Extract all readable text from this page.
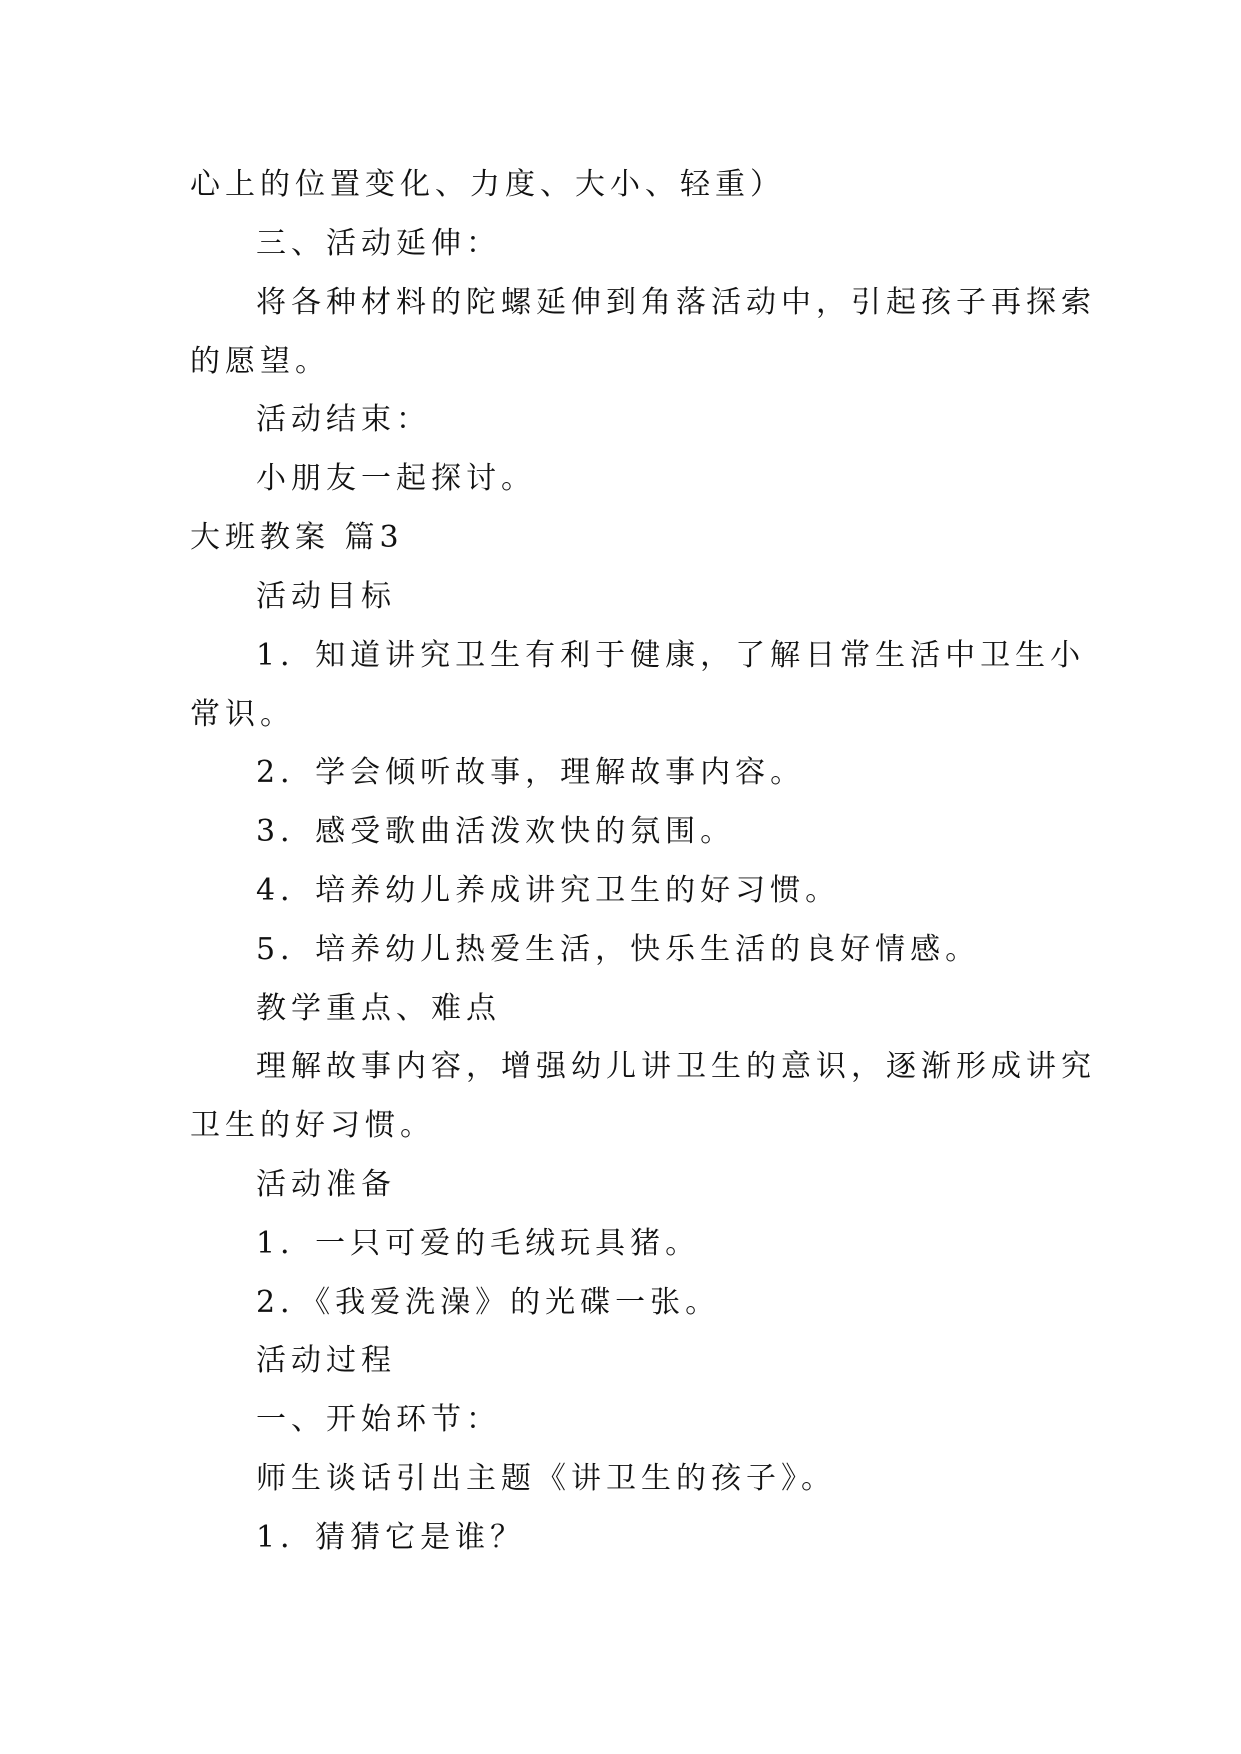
心上的位置变化、力度、大小、轻重）
三、活动延伸：
将各种材料的陀螺延伸到角落活动中，引起孩子再探索
的愿望。
活动结束：
小朋友一起探讨。
大班教案 篇3
活动目标
1．知道讲究卫生有利于健康，了解日常生活中卫生小
常识。
2．学会倾听故事，理解故事内容。
3．感受歌曲活泼欢快的氛围。
4．培养幼儿养成讲究卫生的好习惯。
5．培养幼儿热爱生活，快乐生活的良好情感。
教学重点、难点
理解故事内容，增强幼儿讲卫生的意识，逐渐形成讲究
卫生的好习惯。
活动准备
1．一只可爱的毛绒玩具猪。
2．《我爱洗澡》的光碟一张。
活动过程
一、开始环节：
师生谈话引出主题《讲卫生的孩子》。
1．猜猜它是谁？
